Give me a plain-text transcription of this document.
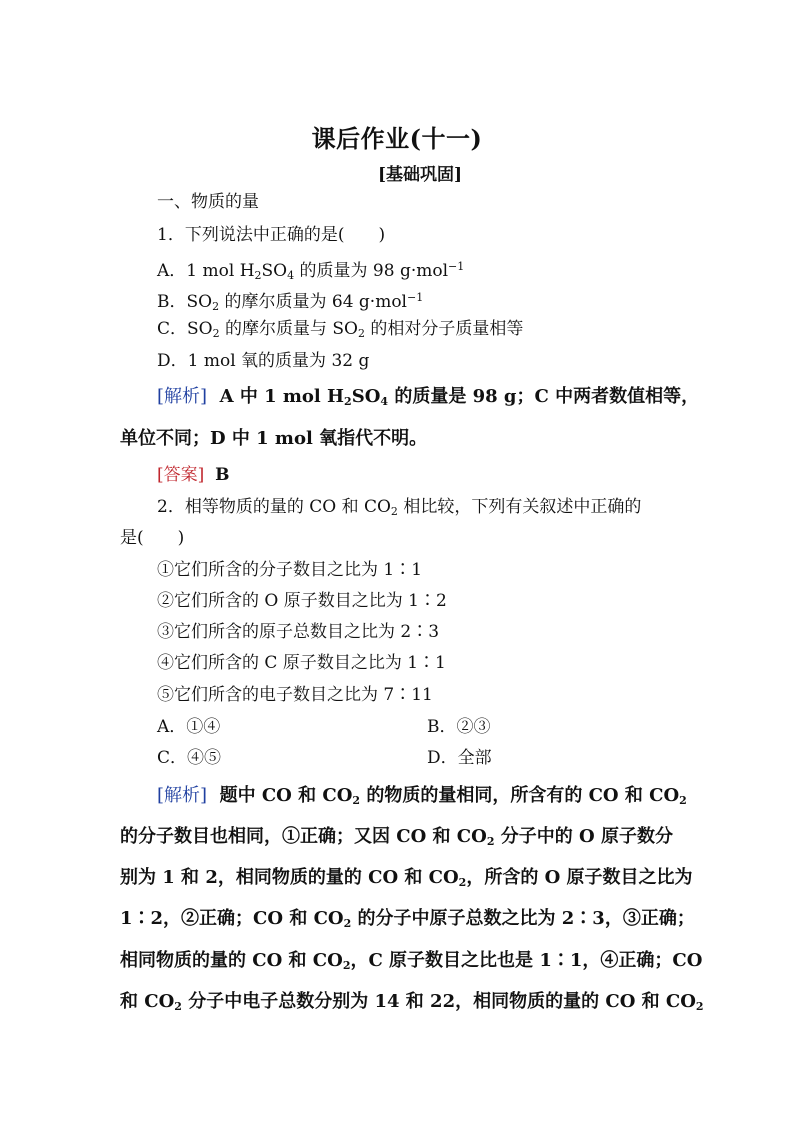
课后作业(十一)
[基础巩固]
一、物质的量
1．下列说法中正确的是(　　)
A．1 mol $H_2SO_4$ 的质量为 98 g·mol$^{-1}$
B．$SO_2$ 的摩尔质量为 64 g·mol$^{-1}$
C．$SO_2$ 的摩尔质量与 $SO_2$ 的相对分子质量相等
D．1 mol 氧的质量为 32 g
[解析] A 中 1 mol $H_2SO_4$ 的质量是 98 g；C 中两者数值相等，
单位不同；D 中 1 mol 氧指代不明。
[答案] B
2．相等物质的量的 CO 和 $CO_2$ 相比较，下列有关叙述中正确的
是(　　)
①它们所含的分子数目之比为 1∶1
②它们所含的 O 原子数目之比为 1∶2
③它们所含的原子总数目之比为 2∶3
④它们所含的 C 原子数目之比为 1∶1
⑤它们所含的电子数目之比为 7∶11
A．①④	B．②③
C．④⑤	D．全部
[解析] 题中 CO 和 $CO_2$ 的物质的量相同，所含有的 CO 和 $CO_2$
的分子数目也相同，①正确；又因 CO 和 $CO_2$ 分子中的 O 原子数分
别为 1 和 2，相同物质的量的 CO 和 $CO_2$，所含的 O 原子数目之比为
1∶2，②正确；CO 和 $CO_2$ 的分子中原子总数之比为 2∶3，③正确；
相同物质的量的 CO 和 $CO_2$，C 原子数目之比也是 1∶1，④正确；CO
和 $CO_2$ 分子中电子总数分别为 14 和 22，相同物质的量的 CO 和 $CO_2$
